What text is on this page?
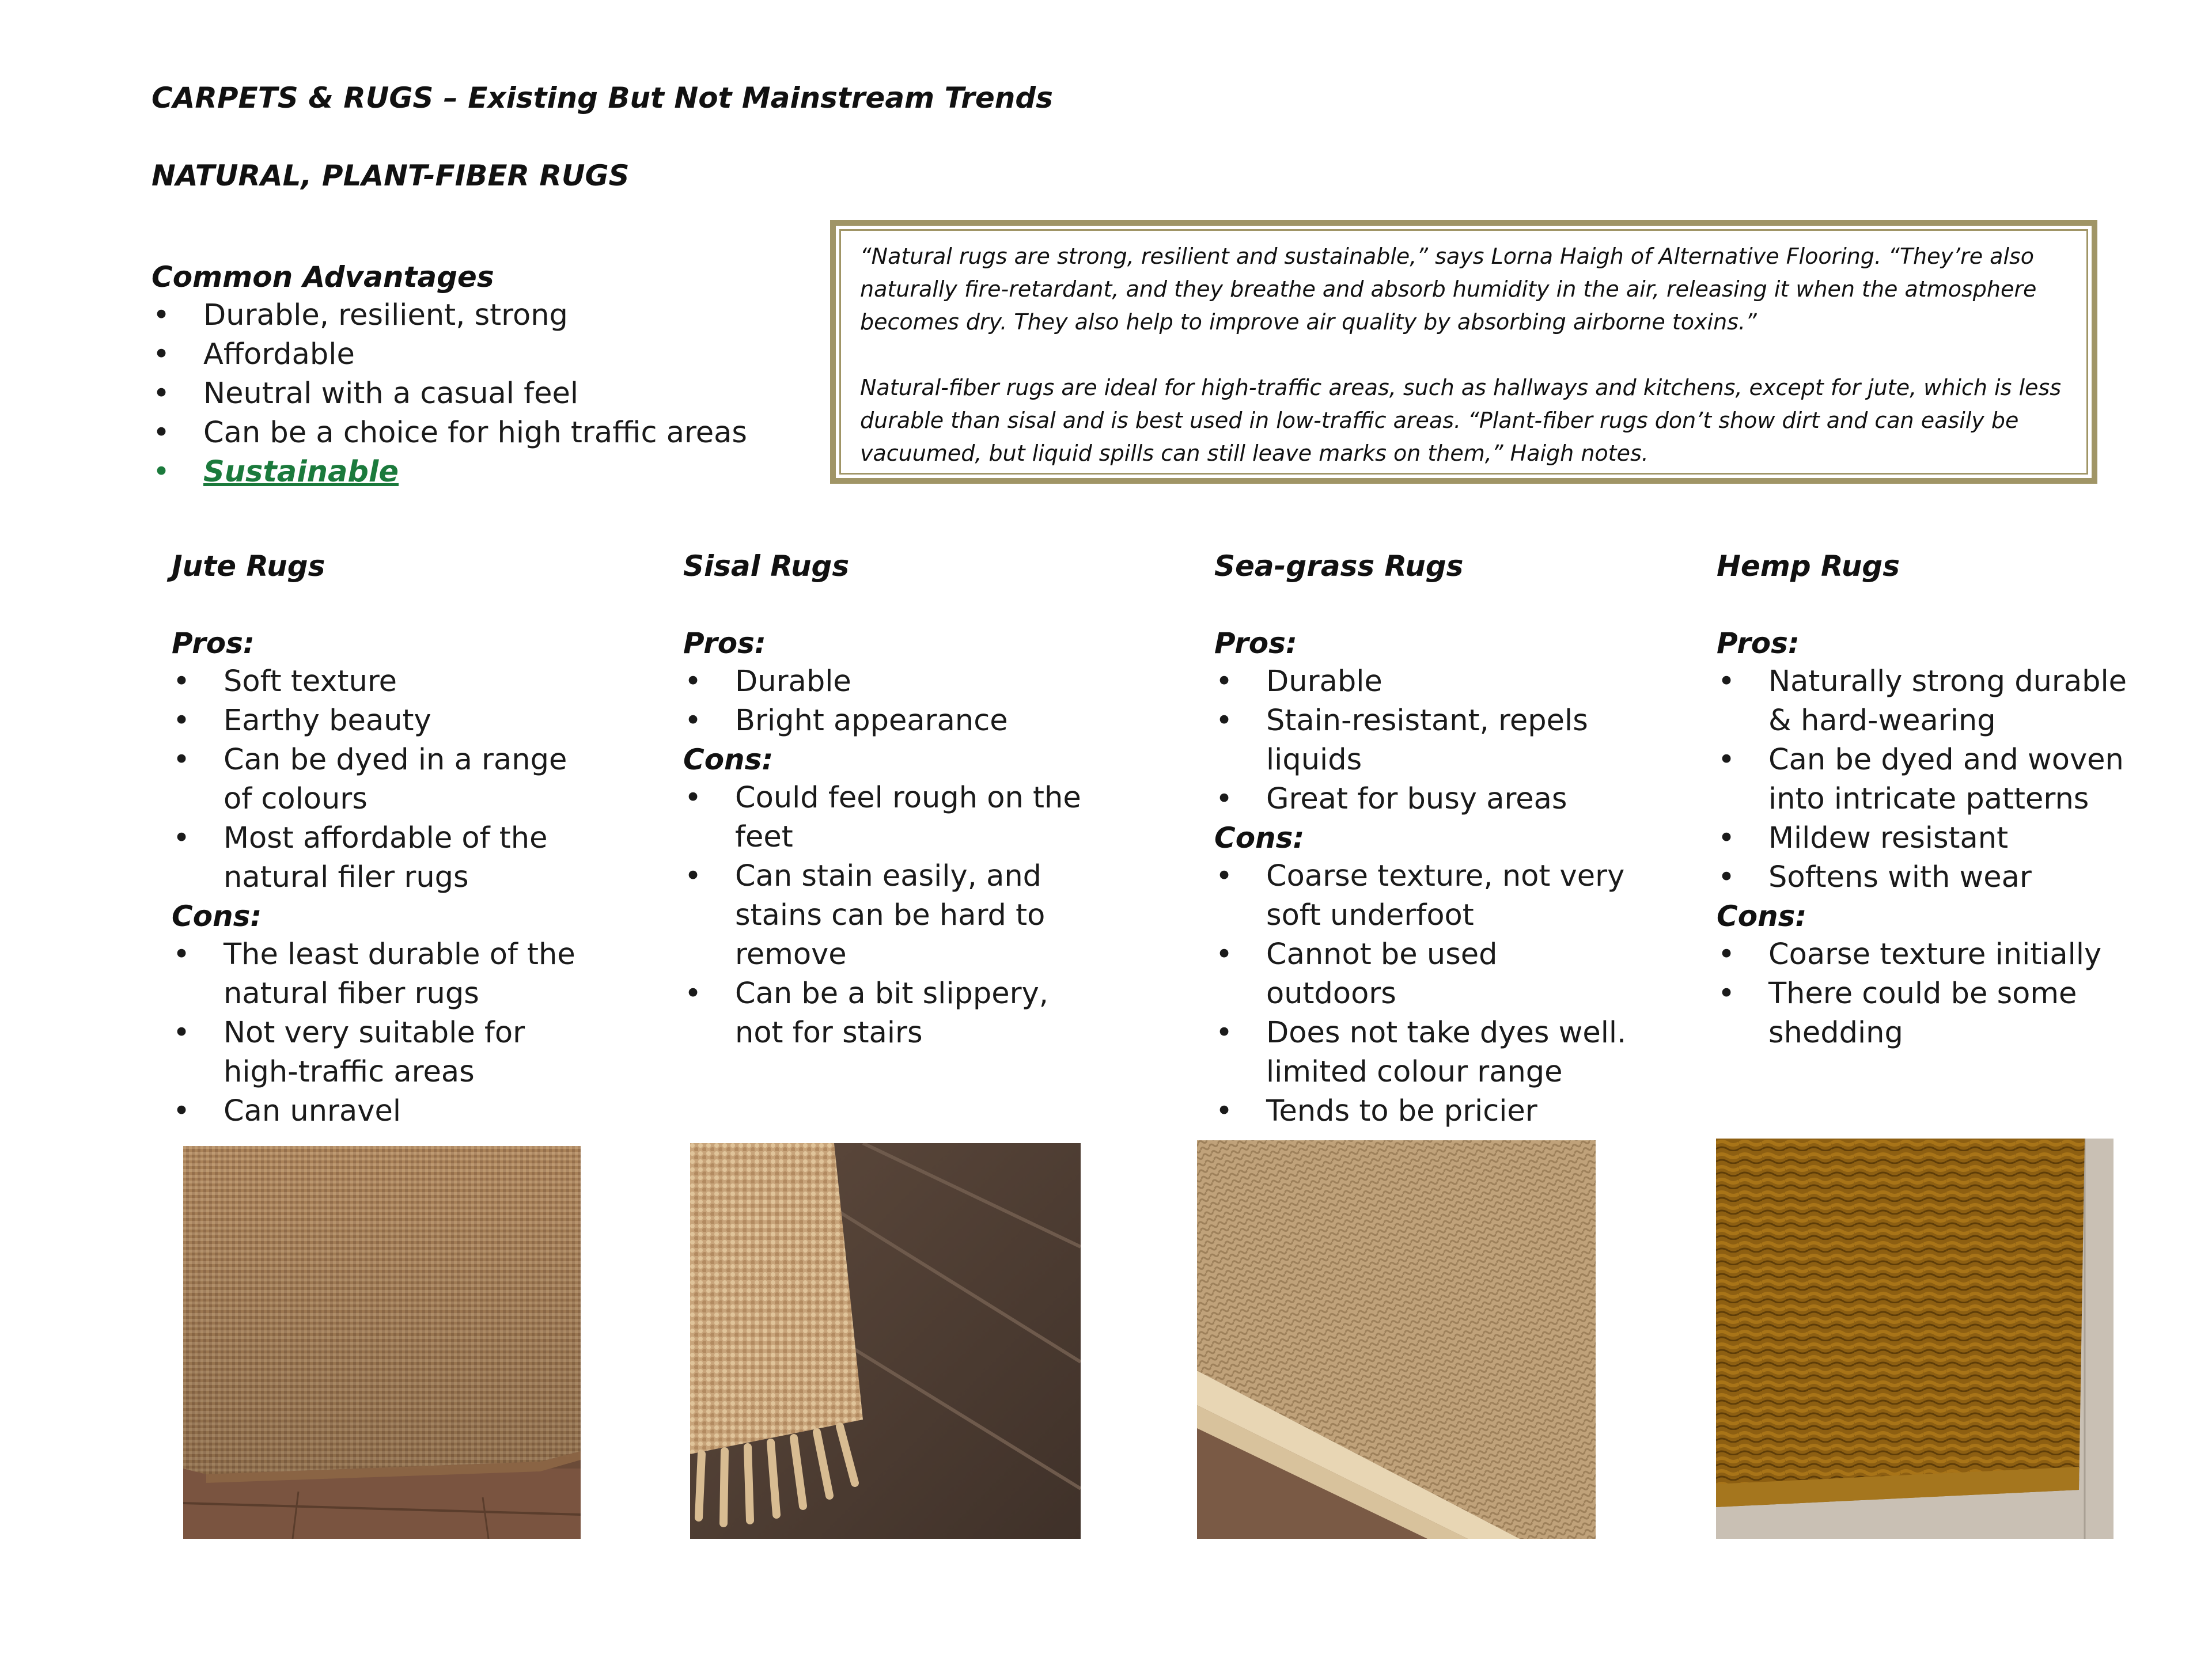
CARPETS & RUGS – Existing But Not Mainstream Trends
NATURAL, PLANT-FIBER RUGS
Common Advantages
• Durable, resilient, strong
• Affordable
• Neutral with a casual feel
• Can be a choice for high traffic areas
• Sustainable

“Natural rugs are strong, resilient and sustainable,” says Lorna Haigh of Alternative Flooring. “They’re also naturally fire-retardant, and they breathe and absorb humidity in the air, releasing it when the atmosphere becomes dry. They also help to improve air quality by absorbing airborne toxins.”

Natural-fiber rugs are ideal for high-traffic areas, such as hallways and kitchens, except for jute, which is less durable than sisal and is best used in low-traffic areas. “Plant-fiber rugs don’t show dirt and can easily be vacuumed, but liquid spills can still leave marks on them,” Haigh notes.

Jute Rugs
Pros:
• Soft texture
• Earthy beauty
• Can be dyed in a range of colours
• Most affordable of the natural filer rugs
Cons:
• The least durable of the natural fiber rugs
• Not very suitable for high-traffic areas
• Can unravel
Sisal Rugs
Pros:
• Durable
• Bright appearance
Cons:
• Could feel rough on the feet
• Can stain easily, and stains can be hard to remove
• Can be a bit slippery, not for stairs
Sea-grass Rugs
Pros:
• Durable
• Stain-resistant, repels liquids
• Great for busy areas
Cons:
• Coarse texture, not very soft underfoot
• Cannot be used outdoors
• Does not take dyes well. limited colour range
• Tends to be pricier
Hemp Rugs
Pros:
• Naturally strong durable & hard-wearing
• Can be dyed and woven into intricate patterns
• Mildew resistant
• Softens with wear
Cons:
• Coarse texture initially
• There could be some shedding
